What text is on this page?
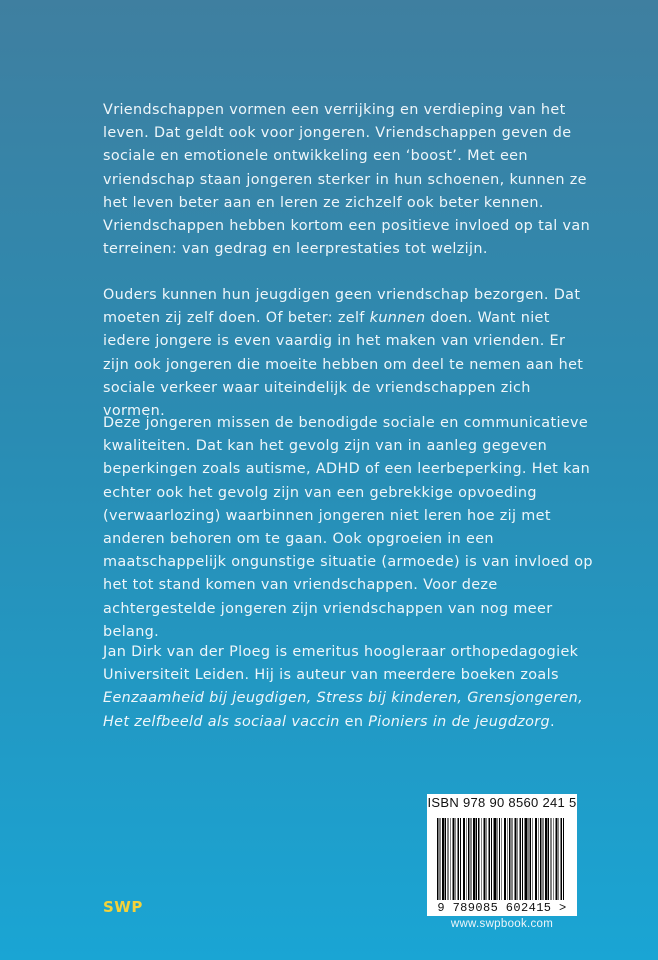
Vriendschappen vormen een verrijking en verdieping van het leven. Dat geldt ook voor jongeren. Vriendschappen geven de sociale en emotionele ontwikkeling een ‘boost’. Met een vriendschap staan jongeren sterker in hun schoenen, kunnen ze het leven beter aan en leren ze zichzelf ook beter kennen. Vriendschappen hebben kortom een positieve invloed op tal van terreinen: van gedrag en leerprestaties tot welzijn.

Ouders kunnen hun jeugdigen geen vriendschap bezorgen. Dat moeten zij zelf doen. Of beter: zelf kunnen doen. Want niet iedere jongere is even vaardig in het maken van vrienden. Er zijn ook jongeren die moeite hebben om deel te nemen aan het sociale verkeer waar uiteindelijk de vriendschappen zich vormen.

Deze jongeren missen de benodigde sociale en communicatieve kwaliteiten. Dat kan het gevolg zijn van in aanleg gegeven beperkingen zoals autisme, ADHD of een leerbeperking. Het kan echter ook het gevolg zijn van een gebrekkige opvoeding (verwaarlozing) waarbinnen jongeren niet leren hoe zij met anderen behoren om te gaan. Ook opgroeien in een maatschappelijk ongunstige situatie (armoede) is van invloed op het tot stand komen van vriendschappen. Voor deze achtergestelde jongeren zijn vriendschappen van nog meer belang.

Jan Dirk van der Ploeg is emeritus hoogleraar orthopedagogiek Universiteit Leiden. Hij is auteur van meerdere boeken zoals Eenzaamheid bij jeugdigen, Stress bij kinderen, Grensjongeren, Het zelfbeeld als sociaal vaccin en Pioniers in de jeugdzorg.

SWP
ISBN 978 90 8560 241 5
9 789085 602415 >
www.swpbook.com
